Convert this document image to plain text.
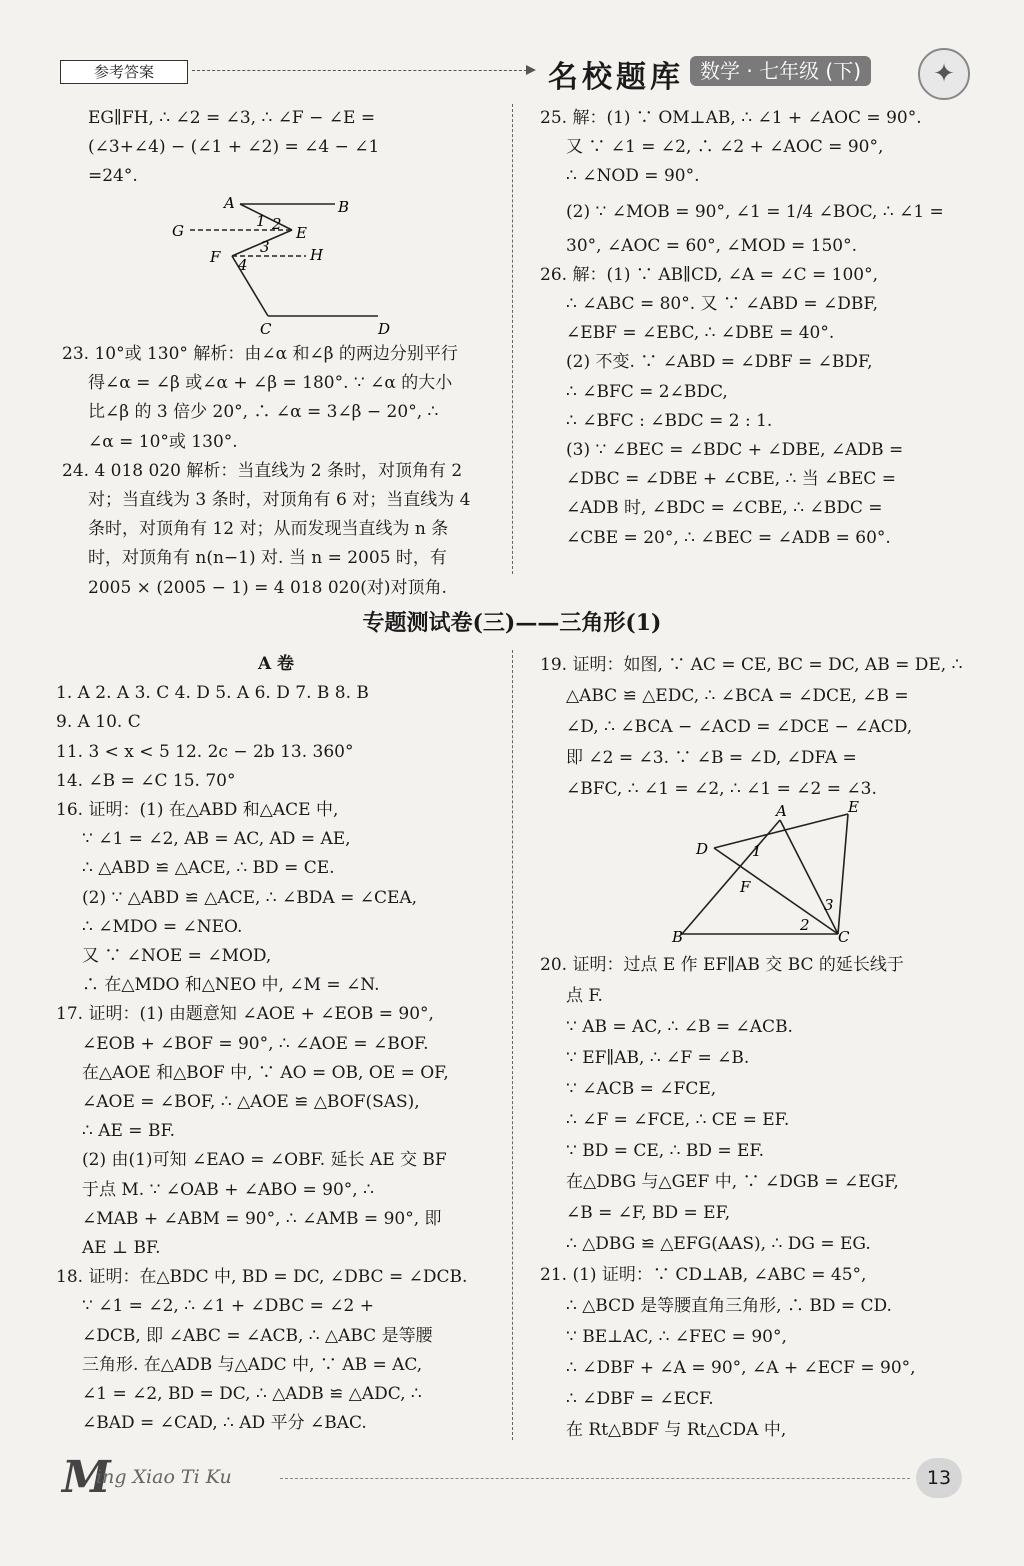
参考答案	名校题库 数学 · 七年级 (下)	✦

EG∥FH, ∴ ∠2 = ∠3, ∴ ∠F − ∠E =

(∠3+∠4) − (∠1 + ∠2) = ∠4 − ∠1

=24°.

A	B
G	E
F	H
C	D
1 2
3
4

23. 10°或 130° 解析：由∠α 和∠β 的两边分别平行

得∠α = ∠β 或∠α + ∠β = 180°. ∵ ∠α 的大小

比∠β 的 3 倍少 20°, ∴ ∠α = 3∠β − 20°, ∴

∠α = 10°或 130°.

24. 4 018 020 解析：当直线为 2 条时，对顶角有 2

对；当直线为 3 条时，对顶角有 6 对；当直线为 4

条时，对顶角有 12 对；从而发现当直线为 n 条

时，对顶角有 n(n−1) 对. 当 n = 2005 时，有

2005 × (2005 − 1) = 4 018 020(对)对顶角.

25. 解：(1) ∵ OM⊥AB, ∴ ∠1 + ∠AOC = 90°.

又 ∵ ∠1 = ∠2, ∴ ∠2 + ∠AOC = 90°,

∴ ∠NOD = 90°.

(2) ∵ ∠MOB = 90°, ∠1 = 1/4 ∠BOC, ∴ ∠1 =

30°, ∠AOC = 60°, ∠MOD = 150°.

26. 解：(1) ∵ AB∥CD, ∠A = ∠C = 100°,

∴ ∠ABC = 80°. 又 ∵ ∠ABD = ∠DBF,

∠EBF = ∠EBC, ∴ ∠DBE = 40°.

(2) 不变. ∵ ∠ABD = ∠DBF = ∠BDF,

∴ ∠BFC = 2∠BDC,

∴ ∠BFC : ∠BDC = 2 : 1.

(3) ∵ ∠BEC = ∠BDC + ∠DBE, ∠ADB =

∠DBC = ∠DBE + ∠CBE, ∴ 当 ∠BEC =

∠ADB 时, ∠BDC = ∠CBE, ∴ ∠BDC =

∠CBE = 20°, ∴ ∠BEC = ∠ADB = 60°.

专题测试卷(三)——三角形(1)

A 卷

1. A 2. A 3. C 4. D 5. A 6. D 7. B 8. B

9. A 10. C

11. 3 < x < 5 12. 2c − 2b 13. 360°

14. ∠B = ∠C 15. 70°

16. 证明：(1) 在△ABD 和△ACE 中,

∵ ∠1 = ∠2, AB = AC, AD = AE,

∴ △ABD ≌ △ACE, ∴ BD = CE.

(2) ∵ △ABD ≌ △ACE, ∴ ∠BDA = ∠CEA,

∴ ∠MDO = ∠NEO.

又 ∵ ∠NOE = ∠MOD,

∴ 在△MDO 和△NEO 中, ∠M = ∠N.

17. 证明：(1) 由题意知 ∠AOE + ∠EOB = 90°,

∠EOB + ∠BOF = 90°, ∴ ∠AOE = ∠BOF.

在△AOE 和△BOF 中, ∵ AO = OB, OE = OF,

∠AOE = ∠BOF, ∴ △AOE ≌ △BOF(SAS),

∴ AE = BF.

(2) 由(1)可知 ∠EAO = ∠OBF. 延长 AE 交 BF

于点 M. ∵ ∠OAB + ∠ABO = 90°, ∴

∠MAB + ∠ABM = 90°, ∴ ∠AMB = 90°, 即

AE ⊥ BF.

18. 证明：在△BDC 中, BD = DC, ∠DBC = ∠DCB.

∵ ∠1 = ∠2, ∴ ∠1 + ∠DBC = ∠2 +

∠DCB, 即 ∠ABC = ∠ACB, ∴ △ABC 是等腰

三角形. 在△ADB 与△ADC 中, ∵ AB = AC,

∠1 = ∠2, BD = DC, ∴ △ADB ≌ △ADC, ∴

∠BAD = ∠CAD, ∴ AD 平分 ∠BAC.

19. 证明：如图, ∵ AC = CE, BC = DC, AB = DE, ∴

△ABC ≌ △EDC, ∴ ∠BCA = ∠DCE, ∠B =

∠D, ∴ ∠BCA − ∠ACD = ∠DCE − ∠ACD,

即 ∠2 = ∠3. ∵ ∠B = ∠D, ∠DFA =

∠BFC, ∴ ∠1 = ∠2, ∴ ∠1 = ∠2 = ∠3.

A	E
D
F
B	C
1
2
3

20. 证明：过点 E 作 EF∥AB 交 BC 的延长线于

点 F.

∵ AB = AC, ∴ ∠B = ∠ACB.

∵ EF∥AB, ∴ ∠F = ∠B.

∵ ∠ACB = ∠FCE,

∴ ∠F = ∠FCE, ∴ CE = EF.

∵ BD = CE, ∴ BD = EF.

在△DBG 与△GEF 中, ∵ ∠DGB = ∠EGF,

∠B = ∠F, BD = EF,

∴ △DBG ≌ △EFG(AAS), ∴ DG = EG.

21. (1) 证明：∵ CD⊥AB, ∠ABC = 45°,

∴ △BCD 是等腰直角三角形, ∴ BD = CD.

∵ BE⊥AC, ∴ ∠FEC = 90°,

∴ ∠DBF + ∠A = 90°, ∠A + ∠ECF = 90°,

∴ ∠DBF = ∠ECF.

在 Rt△BDF 与 Rt△CDA 中,

M
ing Xiao Ti Ku	13
